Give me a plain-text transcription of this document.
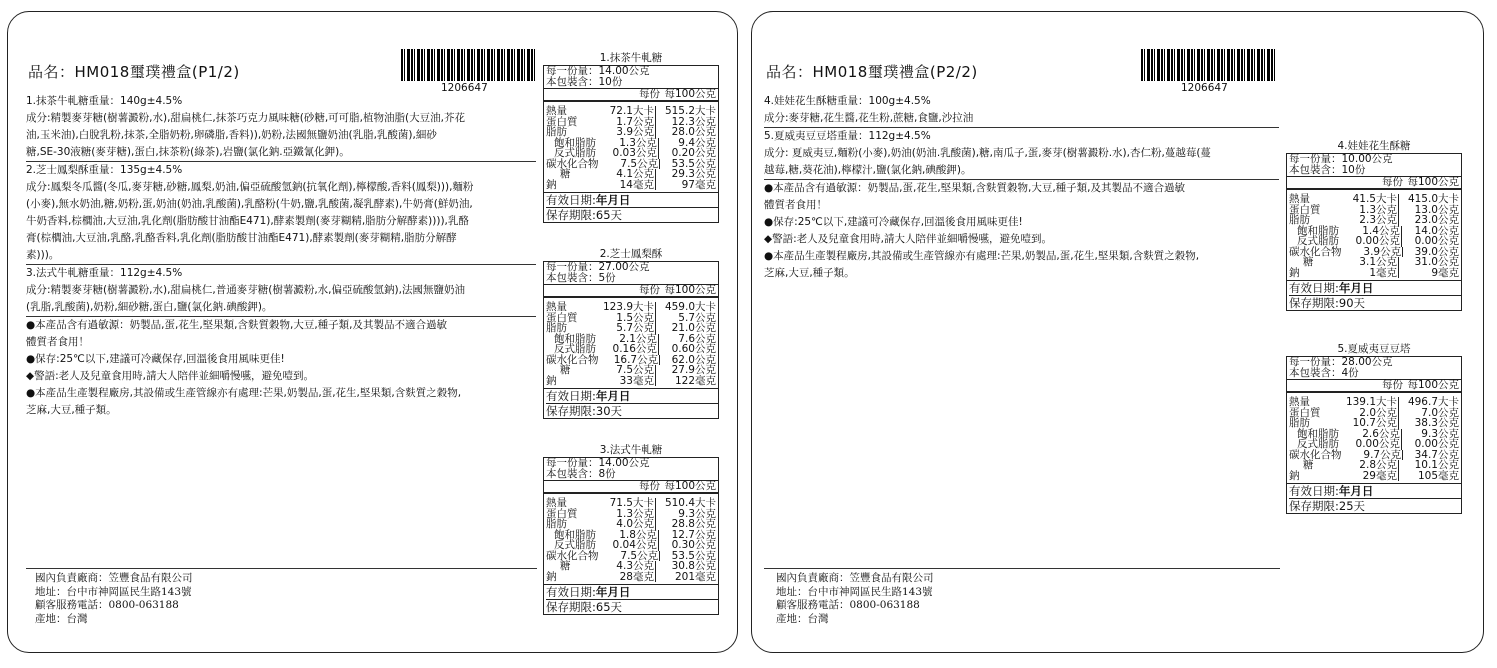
品名：HM018璽璞禮盒(P1/2)
1206647

1.抹茶牛軋糖重量：140g±4.5%

成分:精製麥芽糖(樹薯澱粉,水),甜扁桃仁,抹茶巧克力風味糖(砂糖,可可脂,植物油脂(大豆油,芥花

油,玉米油),白脫乳粉,抹茶,全脂奶粉,卵磷脂,香料)),奶粉,法國無鹽奶油(乳脂,乳酸菌),細砂

糖,SE-30液糖(麥芽糖),蛋白,抹茶粉(綠茶),岩鹽(氯化鈉.亞鐵氰化鉀)。

2.芝士鳳梨酥重量：135g±4.5%

成分:鳳梨冬瓜醬(冬瓜,麥芽糖,砂糖,鳳梨,奶油,偏亞硫酸氫鈉(抗氧化劑),檸檬酸,香料(鳳梨))),麵粉

(小麥),無水奶油,糖,奶粉,蛋,奶油(奶油,乳酸菌),乳酪粉(牛奶,鹽,乳酸菌,凝乳酵素),牛奶膏(鮮奶油,

牛奶香料,棕櫚油,大豆油,乳化劑(脂肪酸甘油酯E471),酵素製劑(麥芽糊精,脂肪分解酵素)))),乳酪

膏(棕櫚油,大豆油,乳酪,乳酪香料,乳化劑(脂肪酸甘油酯E471),酵素製劑(麥芽糊精,脂肪分解酵

素)))。

3.法式牛軋糖重量：112g±4.5%

成分:精製麥芽糖(樹薯澱粉,水),甜扁桃仁,普通麥芽糖(樹薯澱粉,水,偏亞硫酸氫鈉),法國無鹽奶油

(乳脂,乳酸菌),奶粉,細砂糖,蛋白,鹽(氯化鈉.碘酸鉀)。

●本產品含有過敏源：奶製品,蛋,花生,堅果類,含麩質穀物,大豆,種子類,及其製品不適合過敏

體質者食用！

●保存:25℃以下,建議可冷藏保存,回溫後食用風味更佳!

◆警語:老人及兒童食用時,請大人陪伴並細嚼慢嚥，避免噎到。

●本產品生產製程廠房,其設備或生產管線亦有處理:芒果,奶製品,蛋,花生,堅果類,含麩質之穀物,

芝麻,大豆,種子類。

國內負責廠商：笠豐食品有限公司
地址：台中市神岡區民生路143號
顧客服務電話：0800-063188
產地：台灣
品名：HM018璽璞禮盒(P2/2)
1206647

4.娃娃花生酥糖重量：100g±4.5%

成分:麥芽糖,花生醬,花生粉,蔗糖,食鹽,沙拉油

5.夏威夷豆豆塔重量：112g±4.5%

成分: 夏威夷豆,麵粉(小麥),奶油(奶油.乳酸菌),糖,南瓜子,蛋,麥芽(樹薯澱粉.水),杏仁粉,蔓越莓(蔓

越莓,糖,葵花油),檸檬汁,鹽(氯化鈉,碘酸鉀)。

●本產品含有過敏源：奶製品,蛋,花生,堅果類,含麩質穀物,大豆,種子類,及其製品不適合過敏

體質者食用！

●保存:25℃以下,建議可冷藏保存,回溫後食用風味更佳!

◆警語:老人及兒童食用時,請大人陪伴並細嚼慢嚥，避免噎到。

●本產品生產製程廠房,其設備或生產管線亦有處理:芒果,奶製品,蛋,花生,堅果類,含麩質之穀物,

芝麻,大豆,種子類。

國內負責廠商：笠豐食品有限公司
地址：台中市神岡區民生路143號
顧客服務電話：0800-063188
產地：台灣
1.抹茶牛軋糖
每一份量：14.00公克
本包裝含：10份
每份 每100公克
熱量	72.1大卡	515.2大卡
蛋白質	1.7公克	12.3公克
脂肪	3.9公克	28.0公克
飽和脂肪	1.3公克	9.4公克
反式脂肪	0.03公克	0.20公克
碳水化合物	7.5公克	53.5公克
糖	4.1公克	29.3公克
鈉	14毫克	97毫克
有效日期:年月日
保存期限:65天
2.芝士鳳梨酥
每一份量：27.00公克
本包裝含：5份
每份 每100公克
熱量	123.9大卡	459.0大卡
蛋白質	1.5公克	5.7公克
脂肪	5.7公克	21.0公克
飽和脂肪	2.1公克	7.6公克
反式脂肪	0.16公克	0.60公克
碳水化合物	16.7公克	62.0公克
糖	7.5公克	27.9公克
鈉	33毫克	122毫克
有效日期:年月日
保存期限:30天
3.法式牛軋糖
每一份量：14.00公克
本包裝含：8份
每份 每100公克
熱量	71.5大卡	510.4大卡
蛋白質	1.3公克	9.3公克
脂肪	4.0公克	28.8公克
飽和脂肪	1.8公克	12.7公克
反式脂肪	0.04公克	0.30公克
碳水化合物	7.5公克	53.5公克
糖	4.3公克	30.8公克
鈉	28毫克	201毫克
有效日期:年月日
保存期限:65天
4.娃娃花生酥糖
每一份量：10.00公克
本包裝含：10份
每份 每100公克
熱量	41.5大卡	415.0大卡
蛋白質	1.3公克	13.0公克
脂肪	2.3公克	23.0公克
飽和脂肪	1.4公克	14.0公克
反式脂肪	0.00公克	0.00公克
碳水化合物	3.9公克	39.0公克
糖	3.1公克	31.0公克
鈉	1毫克	9毫克
有效日期:年月日
保存期限:90天
5.夏威夷豆豆塔
每一份量：28.00公克
本包裝含：4份
每份 每100公克
熱量	139.1大卡	496.7大卡
蛋白質	2.0公克	7.0公克
脂肪	10.7公克	38.3公克
飽和脂肪	2.6公克	9.3公克
反式脂肪	0.00公克	0.00公克
碳水化合物	9.7公克	34.7公克
糖	2.8公克	10.1公克
鈉	29毫克	105毫克
有效日期:年月日
保存期限:25天
